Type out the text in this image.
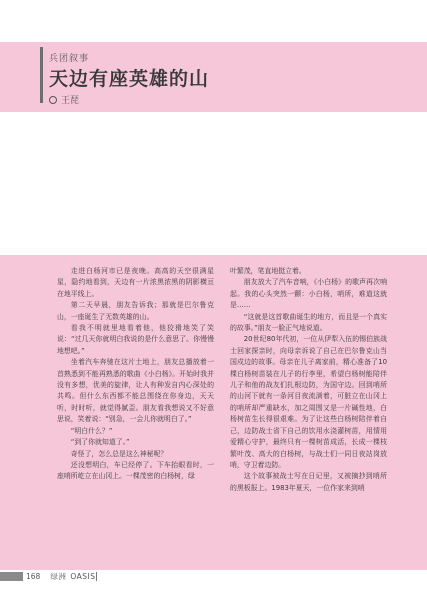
兵团叙事
天边有座英雄的山
王琵

走进白杨河市已是夜晚。高高的天空很满星星，隐约地看到，天边有一片浓黑浓黑的阴影横亘在地平线上。

第二天早晨，朋友告诉我；那就是巴尔鲁克山，一座诞生了无数英雄的山。

看我不明就里地看着他，他狡猾地笑了笑说：“过几天你就明白我说的是什么意思了。你慢慢地想吧。”

坐着汽车奔驰在这片土地上，朋友总播放着一首熟悉到不能再熟悉的歌曲《小白杨》。开始时我并没有多想，优美的旋律，让人有种发自内心深处的共鸣。但什么东西都不能总围绕在你身边，天天听，时时听，就觉得腻歪。朋友看我想说又不好意思说，笑着说：“别急，一会儿你就明白了。”

“明白什么？”

“到了你就知道了。”

奇怪了，怎么总是这么神秘呢？

还没想明白，车已经停了。下车抬眼看时，一座哨所屹立在山冈上。一棵茂密的白杨树，绿

叶繁茂，笔直地挺立着。

朋友放大了汽车音响，《小白杨》的歌声再次响起。我的心头突然一颤：小白杨，哨所，难道这就是……

“这就是这首歌曲诞生的地方，而且是一个真实的故事。”朋友一脸正气地说道。

20世纪80年代初，一位从伊犁入伍的锡伯族战士回家探亲时，向母亲诉说了自己在巴尔鲁克山当国戍边的故事。母亲在儿子离家前，精心准备了10棵白杨树苗装在儿子的行李里，希望白杨树能陪伴儿子和他的战友们扎根边防，为国守边。回到哨所的山河下就有一条河目夜流淌着，可脏立在山冈上的哨所却严重缺水，加之周围又是一片碱性地，白杨树苗生长得很艰难。为了让这些白杨树陪伴着自己，边防战士省下自己的饮用水浇灌树苗，用情用爱精心守护，最终只有一棵树苗成活，长成一棵枝繁叶茂、高大的白杨树，与战士们一同日夜站岗放哨，守卫着边防。

这个故事被战士写在日记里，又被摘抄到哨所的黑板报上。1983年夏天，一位作家来到哨

168 绿洲 OASIS
